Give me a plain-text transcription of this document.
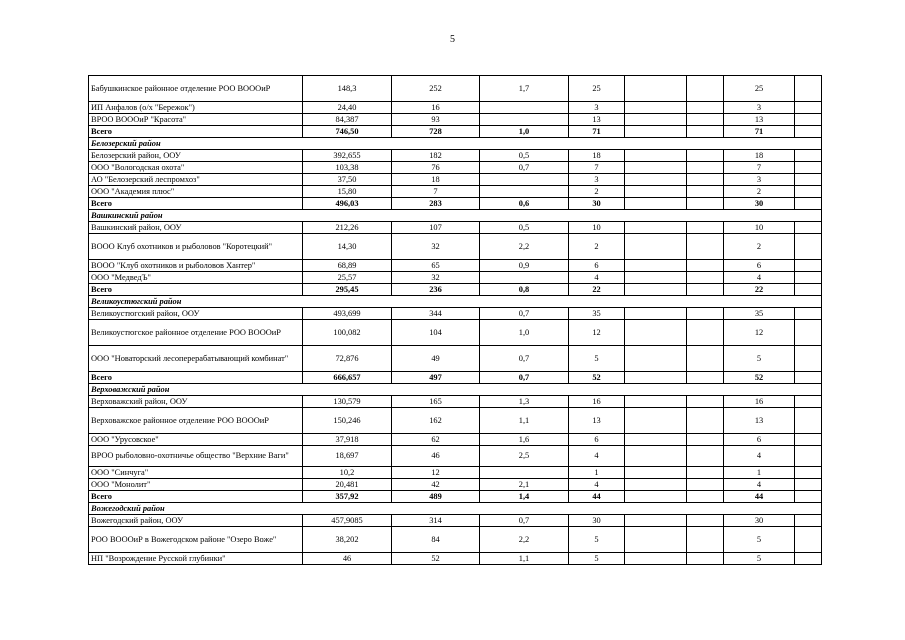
5
Бабушкинское районное отделение РОО ВОООиР	148,3	252	1,7	25			25	
ИП Анфалов (о/х "Бережок")	24,40	16		3			3	
ВРОО ВОООиР "Красота"	84,387	93		13			13	
Всего	746,50	728	1,0	71			71	
Белозерский район								
Белозерский район, ООУ	392,655	182	0,5	18			18	
ООО "Вологодская охота"	103,38	76	0,7	7			7	
АО "Белозерский леспромхоз"	37,50	18		3			3	
ООО "Академия плюс"	15,80	7		2			2	
Всего	496,03	283	0,6	30			30	
Вашкинский район								
Вашкинский район, ООУ	212,26	107	0,5	10			10	
ВООО Клуб охотников и рыболовов "Коротецкий"	14,30	32	2,2	2			2	
ВООО "Клуб охотников и рыболовов Хантер"	68,89	65	0,9	6			6	
ООО "МедведЪ"	25,57	32		4			4	
Всего	295,45	236	0,8	22			22	
Великоустюгский район								
Великоустюгский район, ООУ	493,699	344	0,7	35			35	
Великоустюгское районное отделение РОО ВОООиР	100,082	104	1,0	12			12	
ООО "Новаторский лесоперерабатывающий комбинат"	72,876	49	0,7	5			5	
Всего	666,657	497	0,7	52			52	
Верховажский район								
Верховажский район, ООУ	130,579	165	1,3	16			16	
Верховажское районное отделение РОО ВОООиР	150,246	162	1,1	13			13	
ООО "Урусовское"	37,918	62	1,6	6			6	
ВРОО рыболовно-охотничье общество "Верхние Ваги"	18,697	46	2,5	4			4	
ООО "Синчуга"	10,2	12		1			1	
ООО "Монолит"	20,481	42	2,1	4			4	
Всего	357,92	489	1,4	44			44	
Вожегодский район								
Вожегодский район, ООУ	457,9085	314	0,7	30			30	
РОО ВОООиР в Вожегодском районе "Озеро Воже"	38,202	84	2,2	5			5	
НП "Возрождение Русской глубинки"	46	52	1,1	5			5	
